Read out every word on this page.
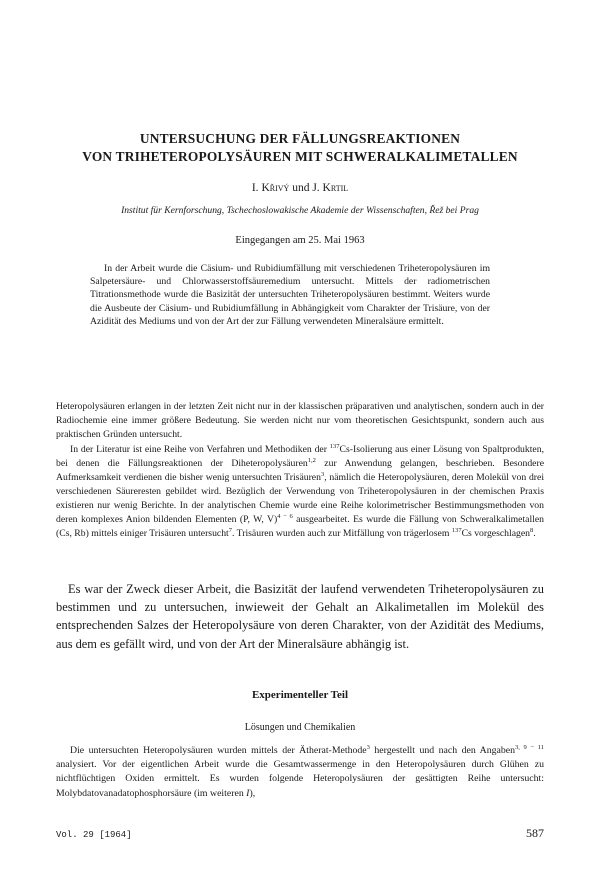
UNTERSUCHUNG DER FÄLLUNGSREAKTIONEN
VON TRIHETEROPOLYSÄUREN MIT SCHWERALKALIMETALLEN
I. Křivý und J. Krtil
Institut für Kernforschung, Tschechoslowakische Akademie der Wissenschaften, Řež bei Prag
Eingegangen am 25. Mai 1963

In der Arbeit wurde die Cäsium- und Rubidiumfällung mit verschiedenen Triheteropolysäuren im Salpetersäure- und Chlorwasserstoffsäuremedium untersucht. Mittels der radiometrischen Titrationsmethode wurde die Basizität der untersuchten Triheteropolysäuren bestimmt. Weiters wurde die Ausbeute der Cäsium- und Rubidiumfällung in Abhängigkeit vom Charakter der Trisäure, von der Azidität des Mediums und von der Art der zur Fällung verwendeten Mineralsäure ermittelt.

Heteropolysäuren erlangen in der letzten Zeit nicht nur in der klassischen präparativen und analytischen, sondern auch in der Radiochemie eine immer größere Bedeutung. Sie werden nicht nur vom theoretischen Gesichtspunkt, sondern auch aus praktischen Gründen untersucht.

In der Literatur ist eine Reihe von Verfahren und Methodiken der $^{137}$Cs-Isolierung aus einer Lösung von Spaltprodukten, bei denen die Fällungsreaktionen der Diheteropolysäuren$^{1,2}$ zur Anwendung gelangen, beschrieben. Besondere Aufmerksamkeit verdienen die bisher wenig untersuchten Trisäuren$^3$, nämlich die Heteropolysäuren, deren Molekül von drei verschiedenen Säureresten gebildet wird. Bezüglich der Verwendung von Triheteropolysäuren in der chemischen Praxis existieren nur wenig Berichte. In der analytischen Chemie wurde eine Reihe kolorimetrischer Bestimmungsmethoden von deren komplexes Anion bildenden Elementen (P, W, V)$^{4 - 6}$ ausgearbeitet. Es wurde die Fällung von Schweralkalimetallen (Cs, Rb) mittels einiger Trisäuren untersucht$^7$. Trisäuren wurden auch zur Mitfällung von trägerlosem $^{137}$Cs vorgeschlagen$^8$.

Es war der Zweck dieser Arbeit, die Basizität der laufend verwendeten Triheteropolysäuren zu bestimmen und zu untersuchen, inwieweit der Gehalt an Alkalimetallen im Molekül des entsprechenden Salzes der Heteropolysäure von deren Charakter, von der Azidität des Mediums, aus dem es gefällt wird, und von der Art der Mineralsäure abhängig ist.

Experimenteller Teil
Lösungen und Chemikalien

Die untersuchten Heteropolysäuren wurden mittels der Ätherat-Methode$^3$ hergestellt und nach den Angaben$^{3, 9 - 11}$ analysiert. Vor der eigentlichen Arbeit wurde die Gesamtwassermenge in den Heteropolysäuren durch Glühen zu nichtflüchtigen Oxiden ermittelt. Es wurden folgende Heteropolysäuren der gesättigten Reihe untersucht: Molybdatovanadatophosphorsäure (im weiteren I),

Vol. 29 [1964]	587
